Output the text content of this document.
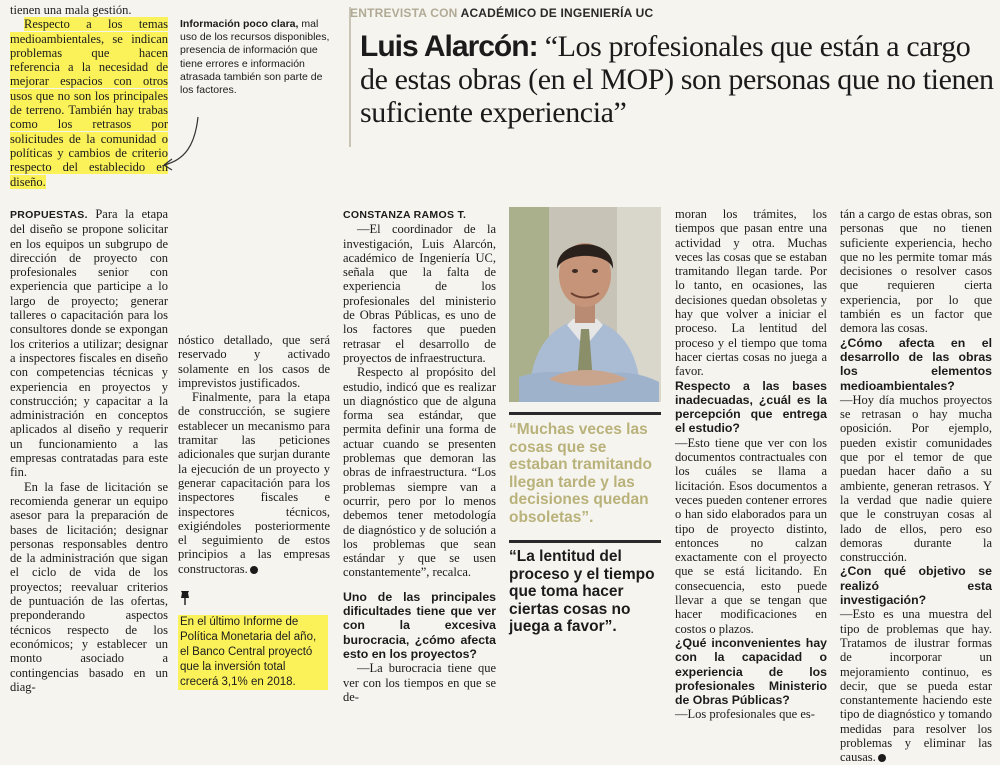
ENTREVISTA CON ACADÉMICO DE INGENIERÍA UC
Luis Alarcón: “Los profesionales que están a cargo de estas obras (en el MOP) son personas que no tienen suficiente experiencia”

tienen una mala gestión.

Respecto a los temas medioambientales, se indican problemas que hacen referencia a la necesidad de mejorar espacios con otros usos que no son los principales de terreno. También hay trabas como los retrasos por solicitudes de la comunidad o políticas y cambios de criterio respecto del establecido en diseño.

Información poco clara, mal uso de los recursos disponibles, presencia de información que tiene errores e información atrasada también son parte de los factores.

PROPUESTAS. Para la etapa del diseño se propone solicitar en los equipos un subgrupo de dirección de proyecto con profesionales senior con experiencia que participe a lo largo de proyecto; generar talleres o capacitación para los consultores donde se expongan los criterios a utilizar; designar a inspectores fiscales en diseño con competencias técnicas y experiencia en proyectos y construcción; y capacitar a la administración en conceptos aplicados al diseño y requerir un funcionamiento a las empresas contratadas para este fin.

En la fase de licitación se recomienda generar un equipo asesor para la preparación de bases de licitación; designar personas responsables dentro de la administración que sigan el ciclo de vida de los proyectos; reevaluar criterios de puntuación de las ofertas, preponderando aspectos técnicos respecto de los económicos; y establecer un monto asociado a contingencias basado en un diag-

nóstico detallado, que será reservado y activado solamente en los casos de imprevistos justificados.

Finalmente, para la etapa de construcción, se sugiere establecer un mecanismo para tramitar las peticiones adicionales que surjan durante la ejecución de un proyecto y generar capacitación para los inspectores fiscales e inspectores técnicos, exigiéndoles posteriormente el seguimiento de estos principios a las empresas constructoras.

En el último Informe de Política Monetaria del año, el Banco Central proyectó que la inversión total crecerá 3,1% en 2018.

CONSTANZA RAMOS T.

—El coordinador de la investigación, Luis Alarcón, académico de Ingeniería UC, señala que la falta de experiencia de los profesionales del ministerio de Obras Públicas, es uno de los factores que pueden retrasar el desarrollo de proyectos de infraestructura.

Respecto al propósito del estudio, indicó que es realizar un diagnóstico que de alguna forma sea estándar, que permita definir una forma de actuar cuando se presenten problemas que demoran las obras de infraestructura. “Los problemas siempre van a ocurrir, pero por lo menos debemos tener metodología de diagnóstico y de solución a los problemas que sean estándar y que se usen constantemente”, recalca.

Uno de las principales dificultades tiene que ver con la excesiva burocracia, ¿cómo afecta esto en los proyectos?

—La burocracia tiene que ver con los tiempos en que se de-

“Muchas veces las cosas que se estaban tramitando llegan tarde y las decisiones quedan obsoletas”.
“La lentitud del proceso y el tiempo que toma hacer ciertas cosas no juega a favor”.

moran los trámites, los tiempos que pasan entre una actividad y otra. Muchas veces las cosas que se estaban tramitando llegan tarde. Por lo tanto, en ocasiones, las decisiones quedan obsoletas y hay que volver a iniciar el proceso. La lentitud del proceso y el tiempo que toma hacer ciertas cosas no juega a favor.

Respecto a las bases inadecuadas, ¿cuál es la percepción que entrega el estudio?

—Esto tiene que ver con los documentos contractuales con los cuáles se llama a licitación. Esos documentos a veces pueden contener errores o han sido elaborados para un tipo de proyecto distinto, entonces no calzan exactamente con el proyecto que se está licitando. En consecuencia, esto puede llevar a que se tengan que hacer modificaciones en costos o plazos.

¿Qué inconvenientes hay con la capacidad o experiencia de los profesionales Ministerio de Obras Públicas?

—Los profesionales que es-

tán a cargo de estas obras, son personas que no tienen suficiente experiencia, hecho que no les permite tomar más decisiones o resolver casos que requieren cierta experiencia, por lo que también es un factor que demora las cosas.

¿Cómo afecta en el desarrollo de las obras los elementos medioambientales?

—Hoy día muchos proyectos se retrasan o hay mucha oposición. Por ejemplo, pueden existir comunidades que por el temor de que puedan hacer daño a su ambiente, generan retrasos. Y la verdad que nadie quiere que le construyan cosas al lado de ellos, pero eso demoras durante la construcción.

¿Con qué objetivo se realizó esta investigación?

—Esto es una muestra del tipo de problemas que hay. Tratamos de ilustrar formas de incorporar un mejoramiento continuo, es decir, que se pueda estar constantemente haciendo este tipo de diagnóstico y tomando medidas para resolver los problemas y eliminar las causas.
